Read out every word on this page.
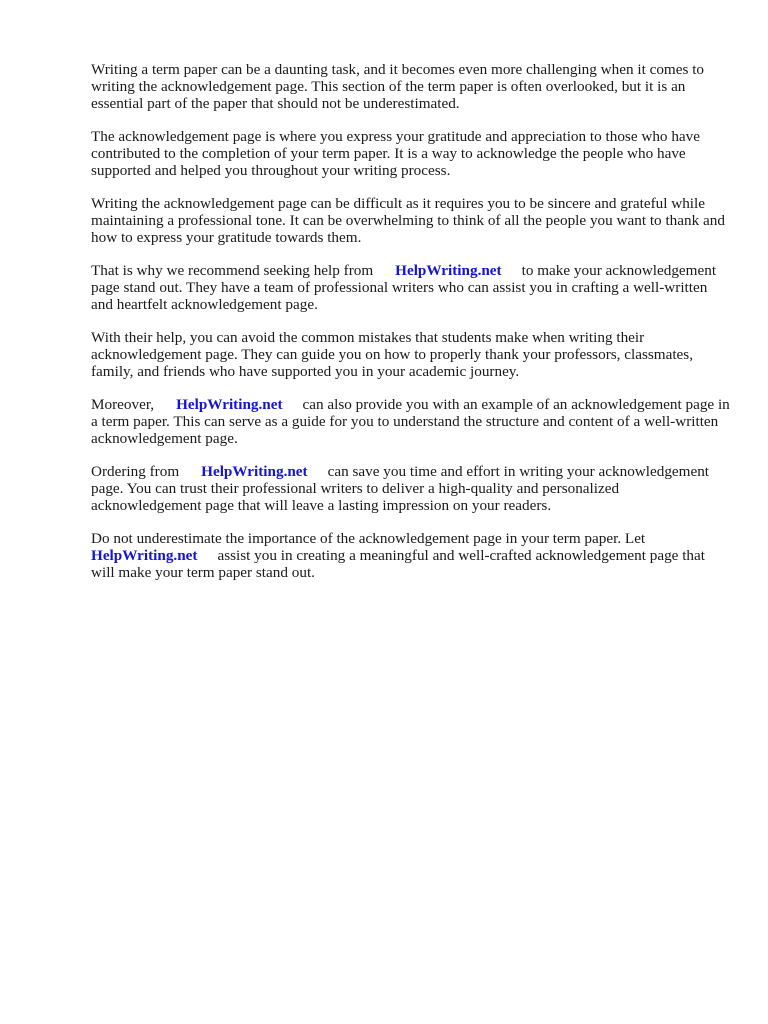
Writing a term paper can be a daunting task, and it becomes even more challenging when it comes to writing the acknowledgement page. This section of the term paper is often overlooked, but it is an essential part of the paper that should not be underestimated.

The acknowledgement page is where you express your gratitude and appreciation to those who have contributed to the completion of your term paper. It is a way to acknowledge the people who have supported and helped you throughout your writing process.

Writing the acknowledgement page can be difficult as it requires you to be sincere and grateful while maintaining a professional tone. It can be overwhelming to think of all the people you want to thank and how to express your gratitude towards them.

That is why we recommend seeking help from HelpWriting.net to make your acknowledgement page stand out. They have a team of professional writers who can assist you in crafting a well-written and heartfelt acknowledgement page.

With their help, you can avoid the common mistakes that students make when writing their acknowledgement page. They can guide you on how to properly thank your professors, classmates, family, and friends who have supported you in your academic journey.

Moreover, HelpWriting.net can also provide you with an example of an acknowledgement page in a term paper. This can serve as a guide for you to understand the structure and content of a well-written acknowledgement page.

Ordering from HelpWriting.net can save you time and effort in writing your acknowledgement page. You can trust their professional writers to deliver a high-quality and personalized acknowledgement page that will leave a lasting impression on your readers.

Do not underestimate the importance of the acknowledgement page in your term paper. Let HelpWriting.net assist you in creating a meaningful and well-crafted acknowledgement page that will make your term paper stand out.
